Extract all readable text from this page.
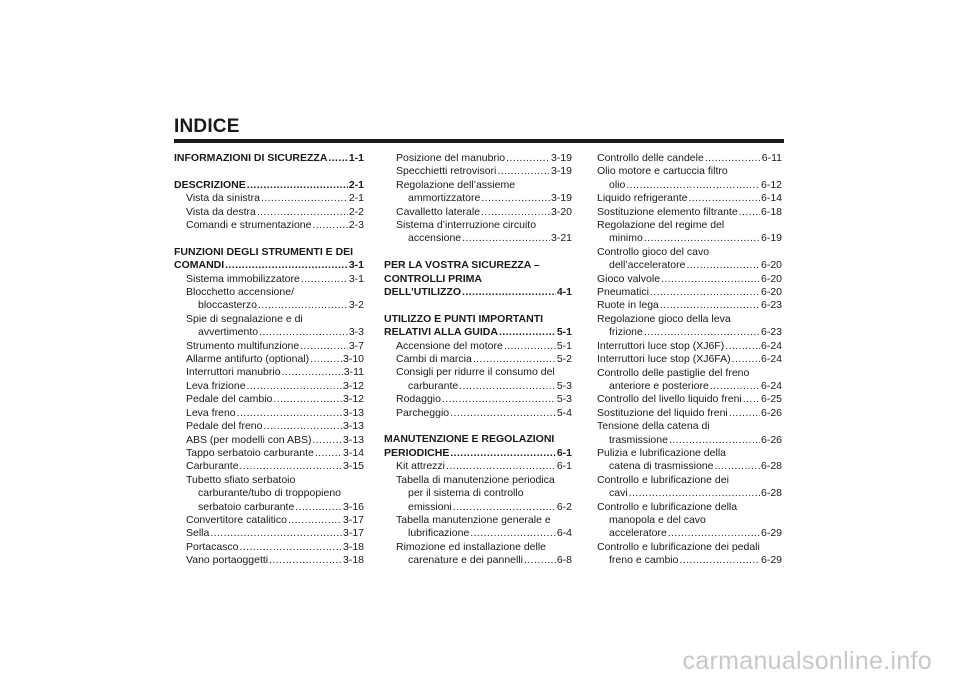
INDICE
INFORMAZIONI DI SICUREZZA ..... 1-1
DESCRIZIONE .....	2-1
Vista da sinistra .....	2-1
Vista da destra .....	2-2
Comandi e strumentazione .....	2-3
FUNZIONI DEGLI STRUMENTI E DEI
COMANDI .....	3-1
Sistema immobilizzatore .....	3-1
Blocchetto accensione/
bloccasterzo .....	3-2
Spie di segnalazione e di
avvertimento .....	3-3
Strumento multifunzione .....	3-7
Allarme antifurto (optional) .....	3-10
Interruttori manubrio .....	3-11
Leva frizione .....	3-12
Pedale del cambio .....	3-12
Leva freno .....	3-13
Pedale del freno .....	3-13
ABS (per modelli con ABS) .....	3-13
Tappo serbatoio carburante .....	3-14
Carburante .....	3-15
Tubetto sfiato serbatoio
carburante/tubo di troppopieno
serbatoio carburante .....	3-16
Convertitore catalitico .....	3-17
Sella .....	3-17
Portacasco .....	3-18
Vano portaoggetti .....	3-18
Posizione del manubrio .....	3-19
Specchietti retrovisori .....	3-19
Regolazione dell’assieme
ammortizzatore .....	3-19
Cavalletto laterale .....	3-20
Sistema d’interruzione circuito
accensione .....	3-21
PER LA VOSTRA SICUREZZA –
CONTROLLI PRIMA
DELL’UTILIZZO .....	4-1
UTILIZZO E PUNTI IMPORTANTI
RELATIVI ALLA GUIDA .....	5-1
Accensione del motore .....	5-1
Cambi di marcia .....	5-2
Consigli per ridurre il consumo del
carburante .....	5-3
Rodaggio .....	5-3
Parcheggio .....	5-4
MANUTENZIONE E REGOLAZIONI
PERIODICHE .....	6-1
Kit attrezzi .....	6-1
Tabella di manutenzione periodica
per il sistema di controllo
emissioni .....	6-2
Tabella manutenzione generale e
lubrificazione .....	6-4
Rimozione ed installazione delle
carenature e dei pannelli .....	6-8
Controllo delle candele .....	6-11
Olio motore e cartuccia filtro
olio .....	6-12
Liquido refrigerante .....	6-14
Sostituzione elemento filtrante ..... 6-18
Regolazione del regime del
minimo .....	6-19
Controllo gioco del cavo
dell’acceleratore .....	6-20
Gioco valvole .....	6-20
Pneumatici .....	6-20
Ruote in lega .....	6-23
Regolazione gioco della leva
frizione .....	6-23
Interruttori luce stop (XJ6F) .....	6-24
Interruttori luce stop (XJ6FA) .....	6-24
Controllo delle pastiglie del freno
anteriore e posteriore .....	6-24
Controllo del livello liquido freni ..... 6-25
Sostituzione del liquido freni .....	6-26
Tensione della catena di
trasmissione .....	6-26
Pulizia e lubrificazione della
catena di trasmissione .....	6-28
Controllo e lubrificazione dei
cavi .....	6-28
Controllo e lubrificazione della
manopola e del cavo
acceleratore .....	6-29
Controllo e lubrificazione dei pedali
freno e cambio .....	6-29
carmanualsonline.info
